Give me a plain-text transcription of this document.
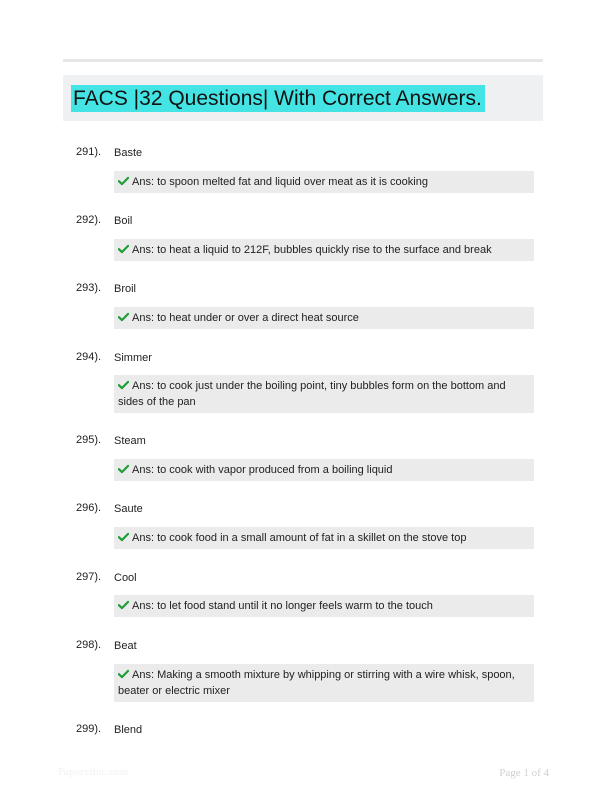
FACS |32 Questions| With Correct Answers.
291). Baste
Ans: to spoon melted fat and liquid over meat as it is cooking
292). Boil
Ans: to heat a liquid to 212F, bubbles quickly rise to the surface and break
293). Broil
Ans: to heat under or over a direct heat source
294). Simmer
Ans: to cook just under the boiling point, tiny bubbles form on the bottom and sides of the pan
295). Steam
Ans: to cook with vapor produced from a boiling liquid
296). Saute
Ans: to cook food in a small amount of fat in a skillet on the stove top
297). Cool
Ans: to let food stand until it no longer feels warm to the touch
298). Beat
Ans: Making a smooth mixture by whipping or stirring with a wire whisk, spoon, beater or electric mixer
299). Blend
Paperstbic.com	Page 1 of 4
